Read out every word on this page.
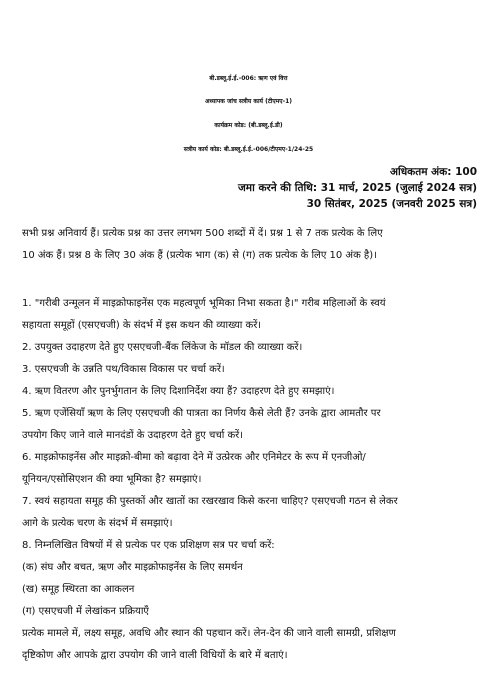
बी.डब्लू.ई.ई.-006: ऋण एवं वित्त
अध्यापक जांच सत्रीय कार्य (टीएमए-1)
कार्यक्रम कोड: (बी.डब्लू.ई.डी)
सत्रीय कार्य कोड: बी.डब्लू.ई.ई.-006/टीएमए-1/24-25
अधिकतम अंक: 100
जमा करने की तिथि: 31 मार्च, 2025 (जुलाई 2024 सत्र)
30 सितंबर, 2025 (जनवरी 2025 सत्र)
सभी प्रश्न अनिवार्य हैं। प्रत्येक प्रश्न का उत्तर लगभग 500 शब्दों में दें। प्रश्न 1 से 7 तक प्रत्येक के लिए
10 अंक हैं। प्रश्न 8 के लिए 30 अंक हैं (प्रत्येक भाग (क) से (ग) तक प्रत्येक के लिए 10 अंक है)।
1. "गरीबी उन्मूलन में माइक्रोफाइनेंस एक महत्वपूर्ण भूमिका निभा सकता है।" गरीब महिलाओं के स्वयं
सहायता समूहों (एसएचजी) के संदर्भ में इस कथन की व्याख्या करें।
2. उपयुक्त उदाहरण देते हुए एसएचजी-बैंक लिंकेज के मॉडल की व्याख्या करें।
3. एसएचजी के उन्नति पथ/विकास विकास पर चर्चा करें।
4. ऋण वितरण और पुनर्भुगतान के लिए दिशानिर्देश क्या हैं? उदाहरण देते हुए समझाएं।
5. ऋण एजेंसियाँ ऋण के लिए एसएचजी की पात्रता का निर्णय कैसे लेती हैं? उनके द्वारा आमतौर पर
उपयोग किए जाने वाले मानदंडों के उदाहरण देते हुए चर्चा करें।
6. माइक्रोफाइनेंस और माइक्रो-बीमा को बढ़ावा देने में उत्प्रेरक और एनिमेटर के रूप में एनजीओ/
यूनियन/एसोसिएशन की क्या भूमिका है? समझाएं।
7. स्वयं सहायता समूह की पुस्तकों और खातों का रखरखाव किसे करना चाहिए? एसएचजी गठन से लेकर
आगे के प्रत्येक चरण के संदर्भ में समझाएं।
8. निम्नलिखित विषयों में से प्रत्येक पर एक प्रशिक्षण सत्र पर चर्चा करें:
(क) संघ और बचत, ऋण और माइक्रोफाइनेंस के लिए समर्थन
(ख) समूह स्थिरता का आकलन
(ग) एसएचजी में लेखांकन प्रक्रियाएँ
प्रत्येक मामले में, लक्ष्य समूह, अवधि और स्थान की पहचान करें। लेन-देन की जाने वाली सामग्री, प्रशिक्षण
दृष्टिकोण और आपके द्वारा उपयोग की जाने वाली विधियों के बारे में बताएं।
